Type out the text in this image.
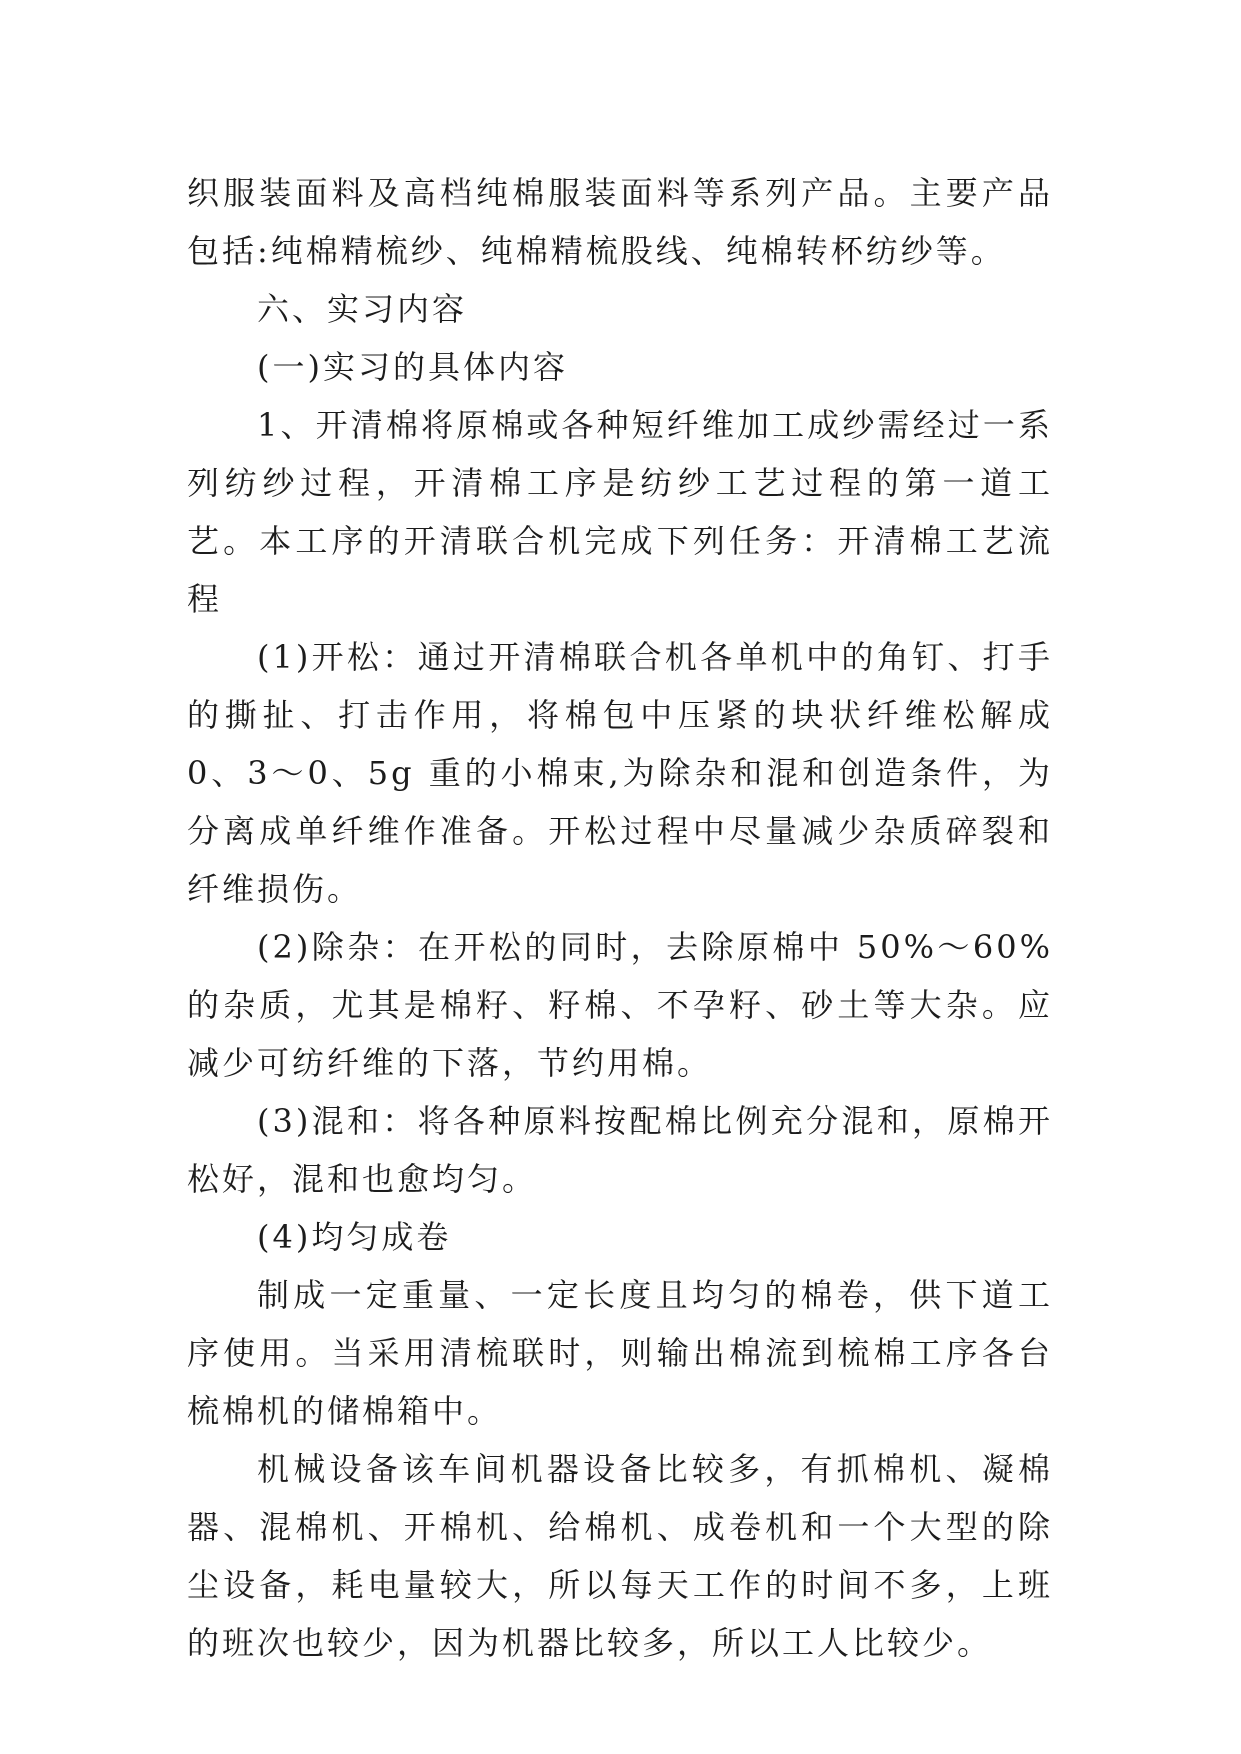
织服装面料及高档纯棉服装面料等系列产品。主要产品包括:纯棉精梳纱、纯棉精梳股线、纯棉转杯纺纱等。

六、实习内容

(一)实习的具体内容

1、开清棉将原棉或各种短纤维加工成纱需经过一系列纺纱过程，开清棉工序是纺纱工艺过程的第一道工艺。本工序的开清联合机完成下列任务：开清棉工艺流程

(1)开松：通过开清棉联合机各单机中的角钉、打手的撕扯、打击作用，将棉包中压紧的块状纤维松解成 0、3～0、5g 重的小棉束,为除杂和混和创造条件，为分离成单纤维作准备。开松过程中尽量减少杂质碎裂和纤维损伤。

(2)除杂：在开松的同时，去除原棉中 50%～60%的杂质，尤其是棉籽、籽棉、不孕籽、砂土等大杂。应减少可纺纤维的下落，节约用棉。

(3)混和：将各种原料按配棉比例充分混和，原棉开松好，混和也愈均匀。

(4)均匀成卷

制成一定重量、一定长度且均匀的棉卷，供下道工序使用。当采用清梳联时，则输出棉流到梳棉工序各台梳棉机的储棉箱中。

机械设备该车间机器设备比较多，有抓棉机、凝棉器、混棉机、开棉机、给棉机、成卷机和一个大型的除尘设备，耗电量较大，所以每天工作的时间不多，上班的班次也较少，因为机器比较多，所以工人比较少。
